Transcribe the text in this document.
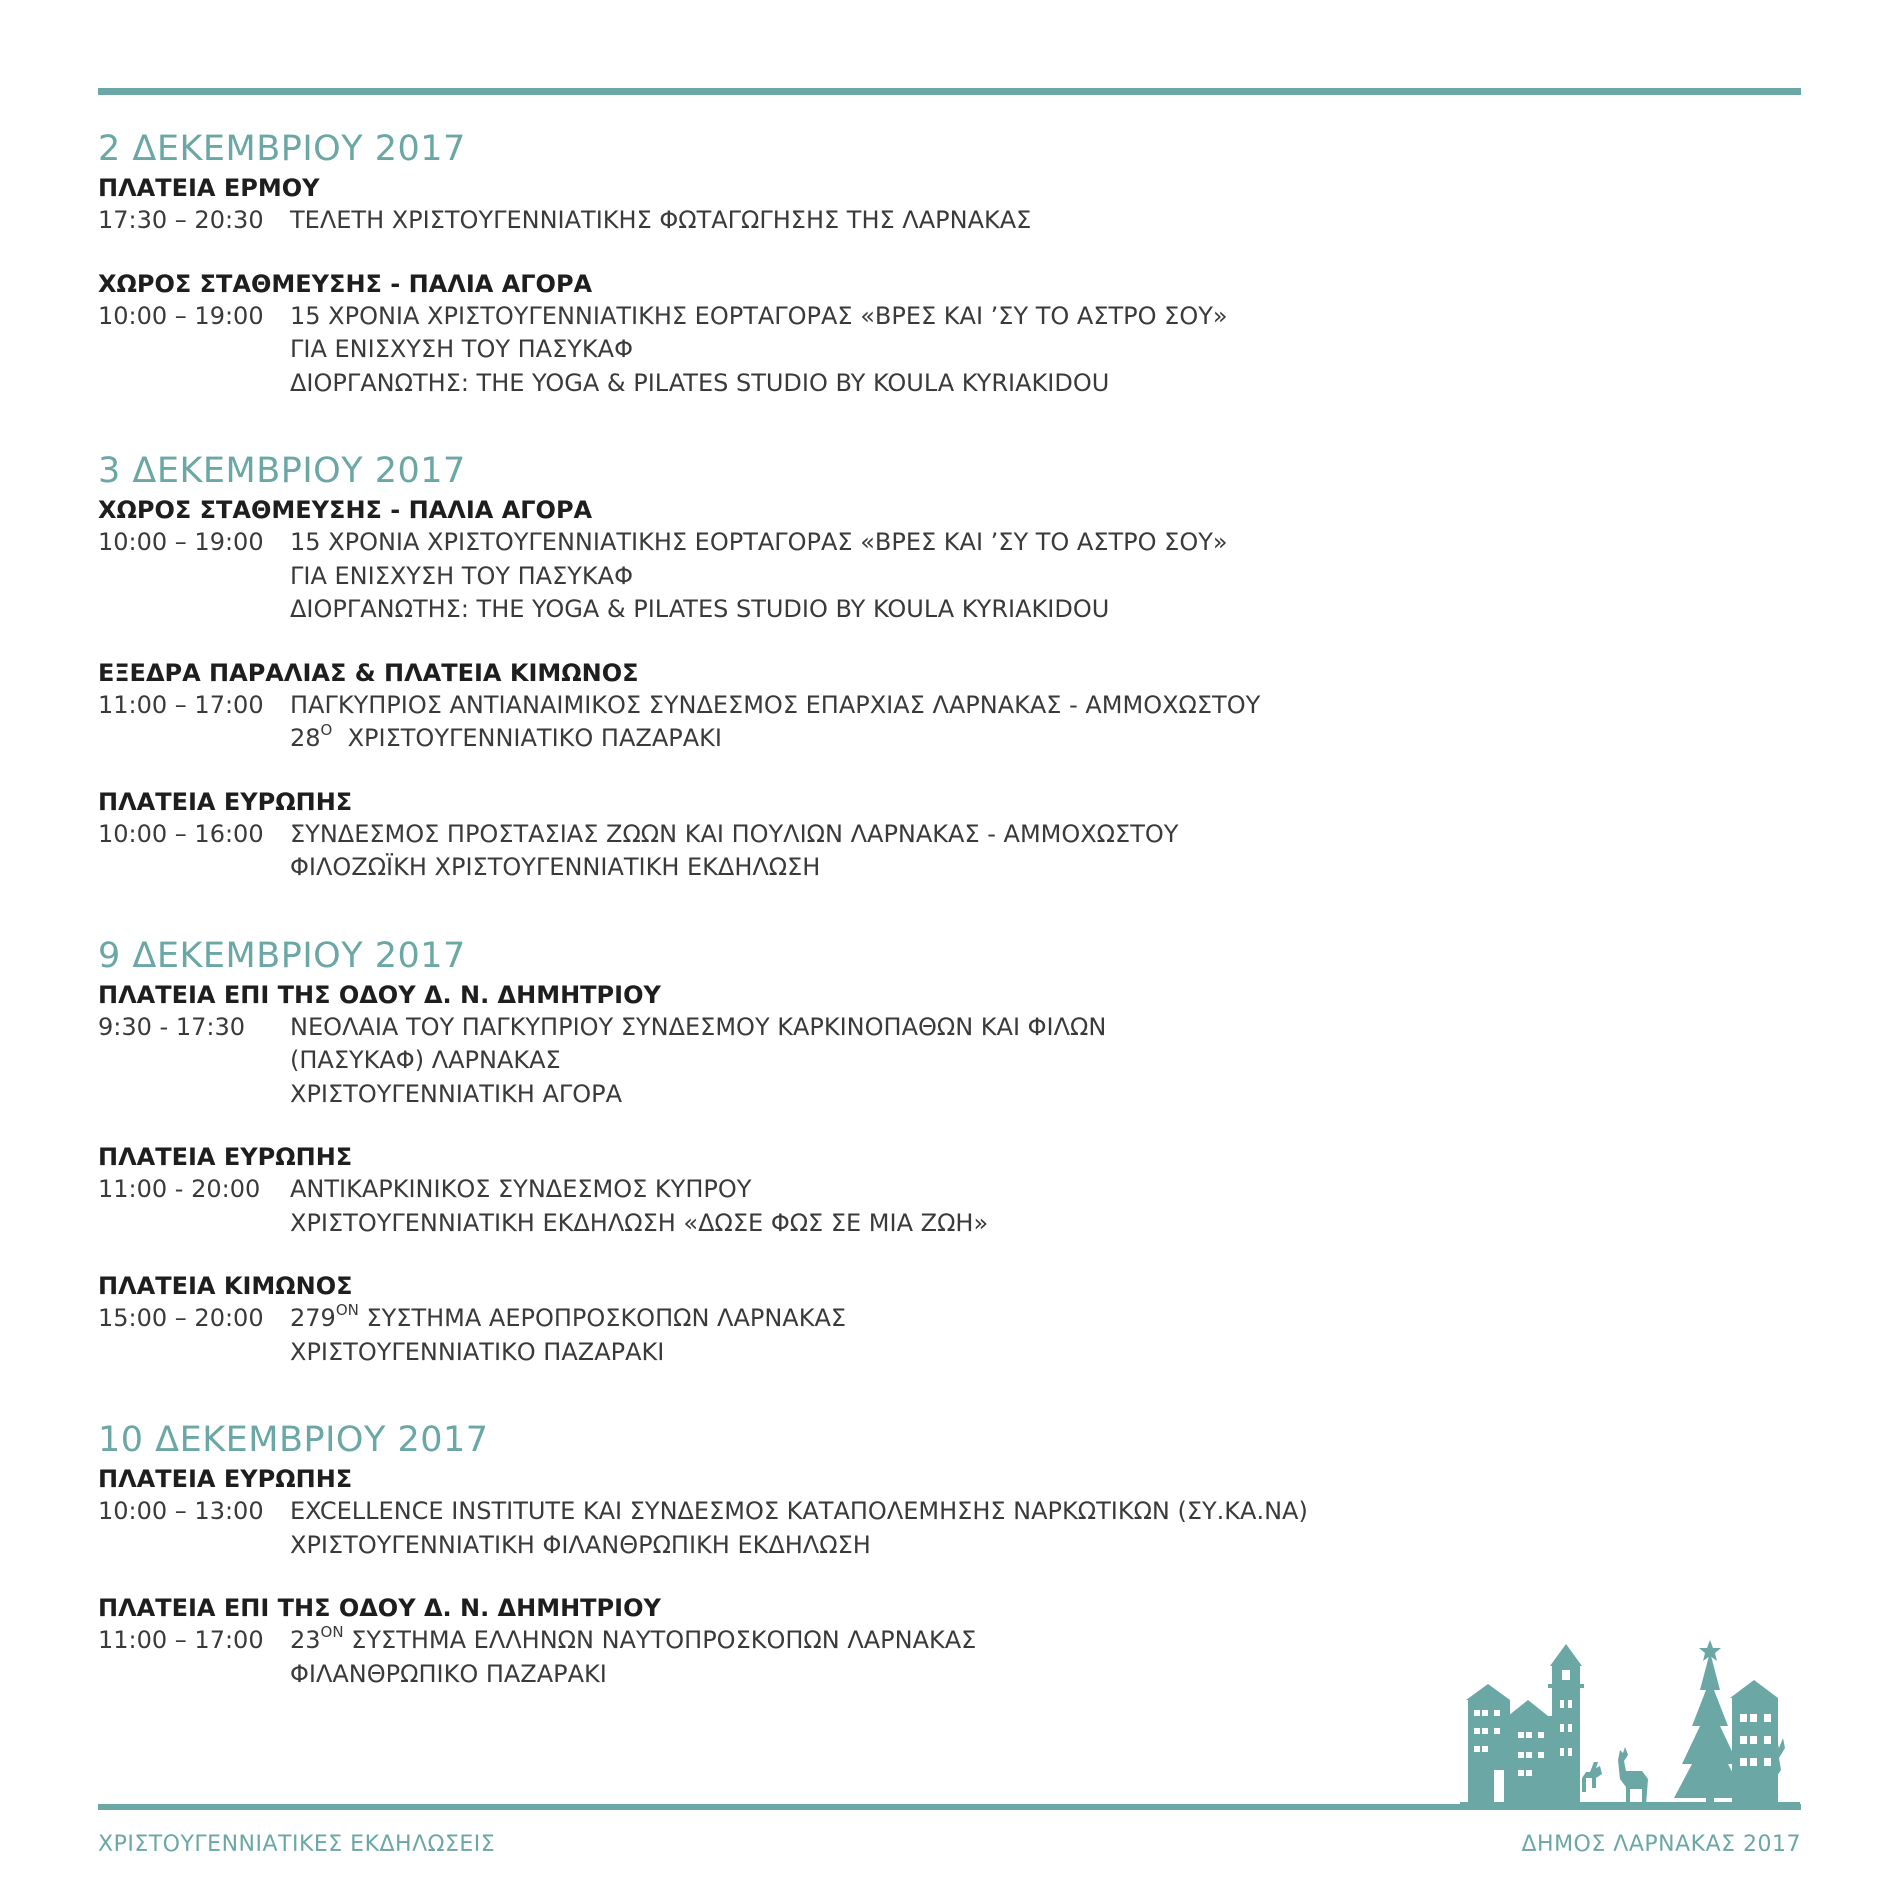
2 ΔΕΚΕΜΒΡΙΟΥ 2017
ΠΛΑΤΕΙΑ ΕΡΜΟΥ
17:30 – 20:30	ΤΕΛΕΤΗ ΧΡΙΣΤΟΥΓΕΝΝΙΑΤΙΚΗΣ ΦΩΤΑΓΩΓΗΣΗΣ ΤΗΣ ΛΑΡΝΑΚΑΣ
ΧΩΡΟΣ ΣΤΑΘΜΕΥΣΗΣ - ΠΑΛΙΑ ΑΓΟΡΑ
10:00 – 19:00	15 ΧΡΟΝΙΑ ΧΡΙΣΤΟΥΓΕΝΝΙΑΤΙΚΗΣ ΕΟΡΤΑΓΟΡΑΣ «ΒΡΕΣ ΚΑΙ ’ΣΥ ΤΟ ΑΣΤΡΟ ΣΟΥ»
ΓΙΑ ΕΝΙΣΧΥΣΗ ΤΟΥ ΠΑΣΥΚΑΦ
ΔΙΟΡΓΑΝΩΤΗΣ: THE YOGA & PILATES STUDIO BY KOULA KYRIAKIDOU
3 ΔΕΚΕΜΒΡΙΟΥ 2017
ΧΩΡΟΣ ΣΤΑΘΜΕΥΣΗΣ - ΠΑΛΙΑ ΑΓΟΡΑ
10:00 – 19:00	15 ΧΡΟΝΙΑ ΧΡΙΣΤΟΥΓΕΝΝΙΑΤΙΚΗΣ ΕΟΡΤΑΓΟΡΑΣ «ΒΡΕΣ ΚΑΙ ’ΣΥ ΤΟ ΑΣΤΡΟ ΣΟΥ»
ΓΙΑ ΕΝΙΣΧΥΣΗ ΤΟΥ ΠΑΣΥΚΑΦ
ΔΙΟΡΓΑΝΩΤΗΣ: THE YOGA & PILATES STUDIO BY KOULA KYRIAKIDOU
ΕΞΕΔΡΑ ΠΑΡΑΛΙΑΣ & ΠΛΑΤΕΙΑ ΚΙΜΩΝΟΣ
11:00 – 17:00	ΠΑΓΚΥΠΡΙΟΣ ΑΝΤΙΑΝΑΙΜΙΚΟΣ ΣΥΝΔΕΣΜΟΣ ΕΠΑΡΧΙΑΣ ΛΑΡΝΑΚΑΣ - ΑΜΜΟΧΩΣΤΟΥ
$28^O$  ΧΡΙΣΤΟΥΓΕΝΝΙΑΤΙΚΟ ΠΑΖΑΡΑΚΙ
ΠΛΑΤΕΙΑ ΕΥΡΩΠΗΣ
10:00 – 16:00	ΣΥΝΔΕΣΜΟΣ ΠΡΟΣΤΑΣΙΑΣ ΖΩΩΝ ΚΑΙ ΠΟΥΛΙΩΝ ΛΑΡΝΑΚΑΣ - ΑΜΜΟΧΩΣΤΟΥ
ΦΙΛΟΖΩΪΚΗ ΧΡΙΣΤΟΥΓΕΝΝΙΑΤΙΚΗ ΕΚΔΗΛΩΣΗ
9 ΔΕΚΕΜΒΡΙΟΥ 2017
ΠΛΑΤΕΙΑ ΕΠΙ ΤΗΣ ΟΔΟΥ Δ. Ν. ΔΗΜΗΤΡΙΟΥ
9:30 - 17:30	ΝΕΟΛΑΙΑ ΤΟΥ ΠΑΓΚΥΠΡΙΟΥ ΣΥΝΔΕΣΜΟΥ ΚΑΡΚΙΝΟΠΑΘΩΝ ΚΑΙ ΦΙΛΩΝ
(ΠΑΣΥΚΑΦ) ΛΑΡΝΑΚΑΣ
ΧΡΙΣΤΟΥΓΕΝΝΙΑΤΙΚΗ ΑΓΟΡΑ
ΠΛΑΤΕΙΑ ΕΥΡΩΠΗΣ
11:00 - 20:00	ΑΝΤΙΚΑΡΚΙΝΙΚΟΣ ΣΥΝΔΕΣΜΟΣ ΚΥΠΡΟΥ
ΧΡΙΣΤΟΥΓΕΝΝΙΑΤΙΚΗ ΕΚΔΗΛΩΣΗ «ΔΩΣΕ ΦΩΣ ΣΕ ΜΙΑ ΖΩΗ»
ΠΛΑΤΕΙΑ ΚΙΜΩΝΟΣ
15:00 – 20:00	$279^{ON}$ ΣΥΣΤΗΜΑ ΑΕΡΟΠΡΟΣΚΟΠΩΝ ΛΑΡΝΑΚΑΣ
ΧΡΙΣΤΟΥΓΕΝΝΙΑΤΙΚΟ ΠΑΖΑΡΑΚΙ
10 ΔΕΚΕΜΒΡΙΟΥ 2017
ΠΛΑΤΕΙΑ ΕΥΡΩΠΗΣ
10:00 – 13:00	EXCELLENCE INSTITUTE ΚΑΙ ΣΥΝΔΕΣΜΟΣ ΚΑΤΑΠΟΛΕΜΗΣΗΣ ΝΑΡΚΩΤΙΚΩΝ (ΣΥ.ΚΑ.ΝΑ)
ΧΡΙΣΤΟΥΓΕΝΝΙΑΤΙΚΗ ΦΙΛΑΝΘΡΩΠΙΚΗ ΕΚΔΗΛΩΣΗ
ΠΛΑΤΕΙΑ ΕΠΙ ΤΗΣ ΟΔΟΥ Δ. Ν. ΔΗΜΗΤΡΙΟΥ
11:00 – 17:00	$23^{ON}$ ΣΥΣΤΗΜΑ ΕΛΛΗΝΩΝ ΝΑΥΤΟΠΡΟΣΚΟΠΩΝ ΛΑΡΝΑΚΑΣ
ΦΙΛΑΝΘΡΩΠΙΚΟ ΠΑΖΑΡΑΚΙ
ΧΡΙΣΤΟΥΓΕΝΝΙΑΤΙΚΕΣ ΕΚΔΗΛΩΣΕΙΣ	ΔΗΜΟΣ ΛΑΡΝΑΚΑΣ 2017
